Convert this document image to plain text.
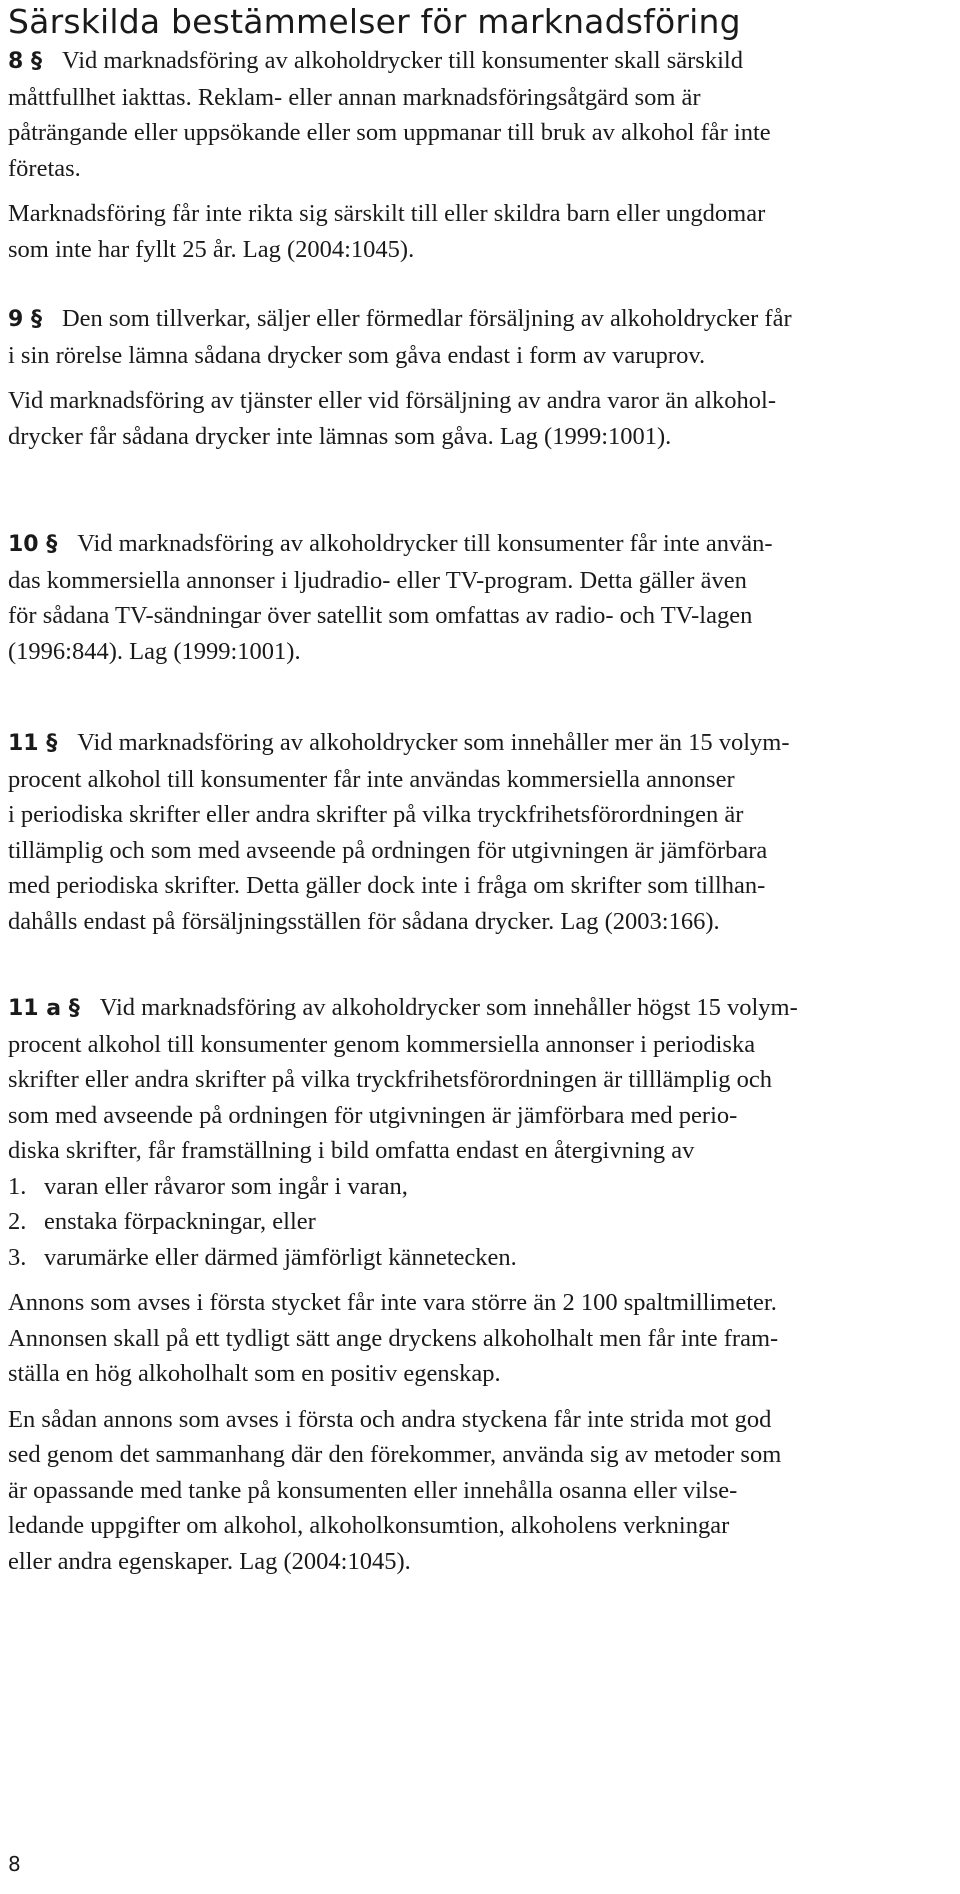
Särskilda bestämmelser för marknadsföring

8 § Vid marknadsföring av alkoholdrycker till konsumenter skall särskild
måttfullhet iakttas. Reklam- eller annan marknadsföringsåtgärd som är
påträngande eller uppsökande eller som uppmanar till bruk av alkohol får inte
företas.

Marknadsföring får inte rikta sig särskilt till eller skildra barn eller ungdomar
som inte har fyllt 25 år. Lag (2004:1045).

9 § Den som tillverkar, säljer eller förmedlar försäljning av alkoholdrycker får
i sin rörelse lämna sådana drycker som gåva endast i form av varuprov.

Vid marknadsföring av tjänster eller vid försäljning av andra varor än alkohol-
drycker får sådana drycker inte lämnas som gåva. Lag (1999:1001).

10 § Vid marknadsföring av alkoholdrycker till konsumenter får inte använ-
das kommersiella annonser i ljudradio- eller TV-program. Detta gäller även
för sådana TV-sändningar över satellit som omfattas av radio- och TV-lagen
(1996:844). Lag (1999:1001).

11 § Vid marknadsföring av alkoholdrycker som innehåller mer än 15 volym-
procent alkohol till konsumenter får inte användas kommersiella annonser
i periodiska skrifter eller andra skrifter på vilka tryckfrihetsförordningen är
tillämplig och som med avseende på ordningen för utgivningen är jämförbara
med periodiska skrifter. Detta gäller dock inte i fråga om skrifter som tillhan-
dahålls endast på försäljningsställen för sådana drycker. Lag (2003:166).

11 a § Vid marknadsföring av alkoholdrycker som innehåller högst 15 volym-
procent alkohol till konsumenter genom kommersiella annonser i periodiska
skrifter eller andra skrifter på vilka tryckfrihetsförordningen är tilllämplig och
som med avseende på ordningen för utgivningen är jämförbara med perio-
diska skrifter, får framställning i bild omfatta endast en återgivning av

1. varan eller råvaror som ingår i varan,
2. enstaka förpackningar, eller
3. varumärke eller därmed jämförligt kännetecken.

Annons som avses i första stycket får inte vara större än 2 100 spaltmillimeter.
Annonsen skall på ett tydligt sätt ange dryckens alkoholhalt men får inte fram-
ställa en hög alkoholhalt som en positiv egenskap.

En sådan annons som avses i första och andra styckena får inte strida mot god
sed genom det sammanhang där den förekommer, använda sig av metoder som
är opassande med tanke på konsumenten eller innehålla osanna eller vilse-
ledande uppgifter om alkohol, alkoholkonsumtion, alkoholens verkningar
eller andra egenskaper. Lag (2004:1045).

8
